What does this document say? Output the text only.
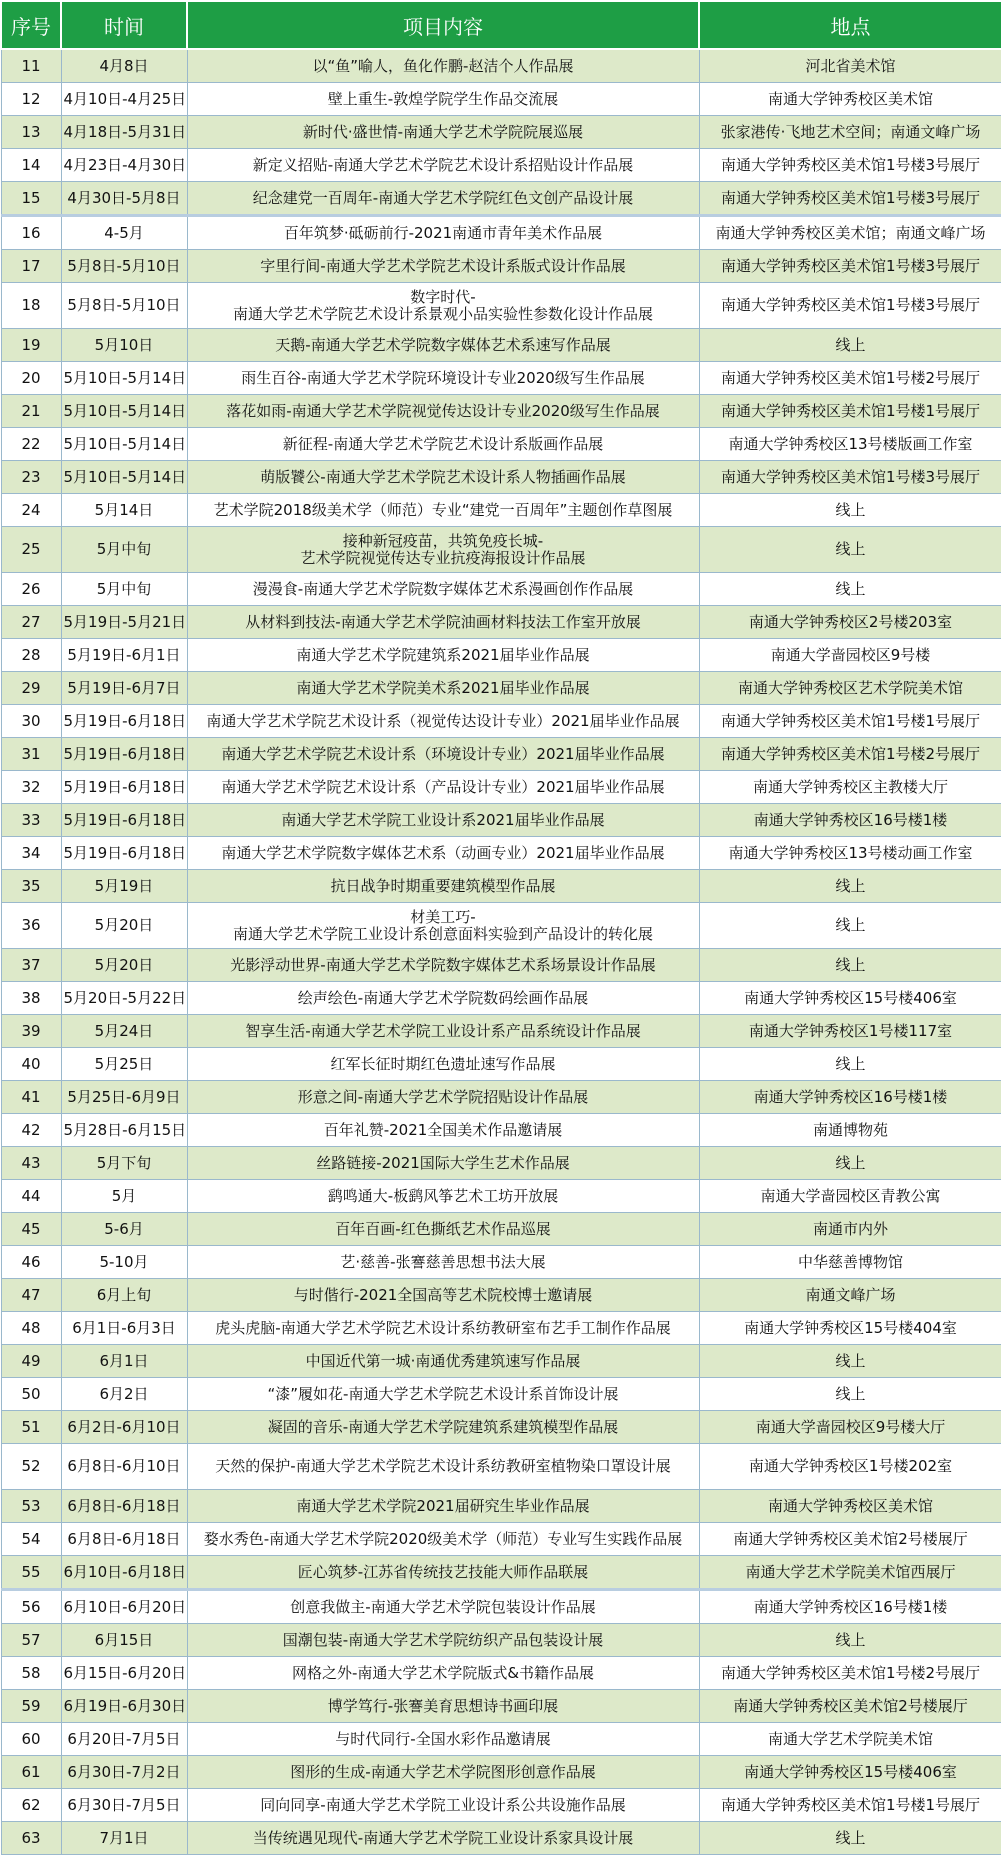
序号	时间	项目内容	地点
11	4月8日	以“鱼”喻人，鱼化作鹏-赵洁个人作品展	河北省美术馆
12	4月10日-4月25日	壁上重生-敦煌学院学生作品交流展	南通大学钟秀校区美术馆
13	4月18日-5月31日	新时代·盛世情-南通大学艺术学院院展巡展	张家港传·飞地艺术空间；南通文峰广场
14	4月23日-4月30日	新定义招贴-南通大学艺术学院艺术设计系招贴设计作品展	南通大学钟秀校区美术馆1号楼3号展厅
15	4月30日-5月8日	纪念建党一百周年-南通大学艺术学院红色文创产品设计展	南通大学钟秀校区美术馆1号楼3号展厅
16	4-5月	百年筑梦·砥砺前行-2021南通市青年美术作品展	南通大学钟秀校区美术馆；南通文峰广场
17	5月8日-5月10日	字里行间-南通大学艺术学院艺术设计系版式设计作品展	南通大学钟秀校区美术馆1号楼3号展厅
18	5月8日-5月10日	数字时代-
南通大学艺术学院艺术设计系景观小品实验性参数化设计作品展	南通大学钟秀校区美术馆1号楼3号展厅
19	5月10日	天鹅-南通大学艺术学院数字媒体艺术系速写作品展	线上
20	5月10日-5月14日	雨生百谷-南通大学艺术学院环境设计专业2020级写生作品展	南通大学钟秀校区美术馆1号楼2号展厅
21	5月10日-5月14日	落花如雨-南通大学艺术学院视觉传达设计专业2020级写生作品展	南通大学钟秀校区美术馆1号楼1号展厅
22	5月10日-5月14日	新征程-南通大学艺术学院艺术设计系版画作品展	南通大学钟秀校区13号楼版画工作室
23	5月10日-5月14日	萌版饕公-南通大学艺术学院艺术设计系人物插画作品展	南通大学钟秀校区美术馆1号楼3号展厅
24	5月14日	艺术学院2018级美术学（师范）专业“建党一百周年”主题创作草图展	线上
25	5月中旬	接种新冠疫苗，共筑免疫长城-
艺术学院视觉传达专业抗疫海报设计作品展	线上
26	5月中旬	漫漫食-南通大学艺术学院数字媒体艺术系漫画创作作品展	线上
27	5月19日-5月21日	从材料到技法-南通大学艺术学院油画材料技法工作室开放展	南通大学钟秀校区2号楼203室
28	5月19日-6月1日	南通大学艺术学院建筑系2021届毕业作品展	南通大学啬园校区9号楼
29	5月19日-6月7日	南通大学艺术学院美术系2021届毕业作品展	南通大学钟秀校区艺术学院美术馆
30	5月19日-6月18日	南通大学艺术学院艺术设计系（视觉传达设计专业）2021届毕业作品展	南通大学钟秀校区美术馆1号楼1号展厅
31	5月19日-6月18日	南通大学艺术学院艺术设计系（环境设计专业）2021届毕业作品展	南通大学钟秀校区美术馆1号楼2号展厅
32	5月19日-6月18日	南通大学艺术学院艺术设计系（产品设计专业）2021届毕业作品展	南通大学钟秀校区主教楼大厅
33	5月19日-6月18日	南通大学艺术学院工业设计系2021届毕业作品展	南通大学钟秀校区16号楼1楼
34	5月19日-6月18日	南通大学艺术学院数字媒体艺术系（动画专业）2021届毕业作品展	南通大学钟秀校区13号楼动画工作室
35	5月19日	抗日战争时期重要建筑模型作品展	线上
36	5月20日	材美工巧-
南通大学艺术学院工业设计系创意面料实验到产品设计的转化展	线上
37	5月20日	光影浮动世界-南通大学艺术学院数字媒体艺术系场景设计作品展	线上
38	5月20日-5月22日	绘声绘色-南通大学艺术学院数码绘画作品展	南通大学钟秀校区15号楼406室
39	5月24日	智享生活-南通大学艺术学院工业设计系产品系统设计作品展	南通大学钟秀校区1号楼117室
40	5月25日	红军长征时期红色遗址速写作品展	线上
41	5月25日-6月9日	形意之间-南通大学艺术学院招贴设计作品展	南通大学钟秀校区16号楼1楼
42	5月28日-6月15日	百年礼赞-2021全国美术作品邀请展	南通博物苑
43	5月下旬	丝路链接-2021国际大学生艺术作品展	线上
44	5月	鹞鸣通大-板鹞风筝艺术工坊开放展	南通大学啬园校区青教公寓
45	5-6月	百年百画-红色撕纸艺术作品巡展	南通市内外
46	5-10月	艺·慈善-张謇慈善思想书法大展	中华慈善博物馆
47	6月上旬	与时偕行-2021全国高等艺术院校博士邀请展	南通文峰广场
48	6月1日-6月3日	虎头虎脑-南通大学艺术学院艺术设计系纺教研室布艺手工制作作品展	南通大学钟秀校区15号楼404室
49	6月1日	中国近代第一城·南通优秀建筑速写作品展	线上
50	6月2日	“漆”履如花-南通大学艺术学院艺术设计系首饰设计展	线上
51	6月2日-6月10日	凝固的音乐-南通大学艺术学院建筑系建筑模型作品展	南通大学啬园校区9号楼大厅
52	6月8日-6月10日	天然的保护-南通大学艺术学院艺术设计系纺教研室植物染口罩设计展	南通大学钟秀校区1号楼202室
53	6月8日-6月18日	南通大学艺术学院2021届研究生毕业作品展	南通大学钟秀校区美术馆
54	6月8日-6月18日	婺水秀色-南通大学艺术学院2020级美术学（师范）专业写生实践作品展	南通大学钟秀校区美术馆2号楼展厅
55	6月10日-6月18日	匠心筑梦-江苏省传统技艺技能大师作品联展	南通大学艺术学院美术馆西展厅
56	6月10日-6月20日	创意我做主-南通大学艺术学院包装设计作品展	南通大学钟秀校区16号楼1楼
57	6月15日	国潮包装-南通大学艺术学院纺织产品包装设计展	线上
58	6月15日-6月20日	网格之外-南通大学艺术学院版式&书籍作品展	南通大学钟秀校区美术馆1号楼2号展厅
59	6月19日-6月30日	博学笃行-张謇美育思想诗书画印展	南通大学钟秀校区美术馆2号楼展厅
60	6月20日-7月5日	与时代同行-全国水彩作品邀请展	南通大学艺术学院美术馆
61	6月30日-7月2日	图形的生成-南通大学艺术学院图形创意作品展	南通大学钟秀校区15号楼406室
62	6月30日-7月5日	同向同享-南通大学艺术学院工业设计系公共设施作品展	南通大学钟秀校区美术馆1号楼1号展厅
63	7月1日	当传统遇见现代-南通大学艺术学院工业设计系家具设计展	线上
